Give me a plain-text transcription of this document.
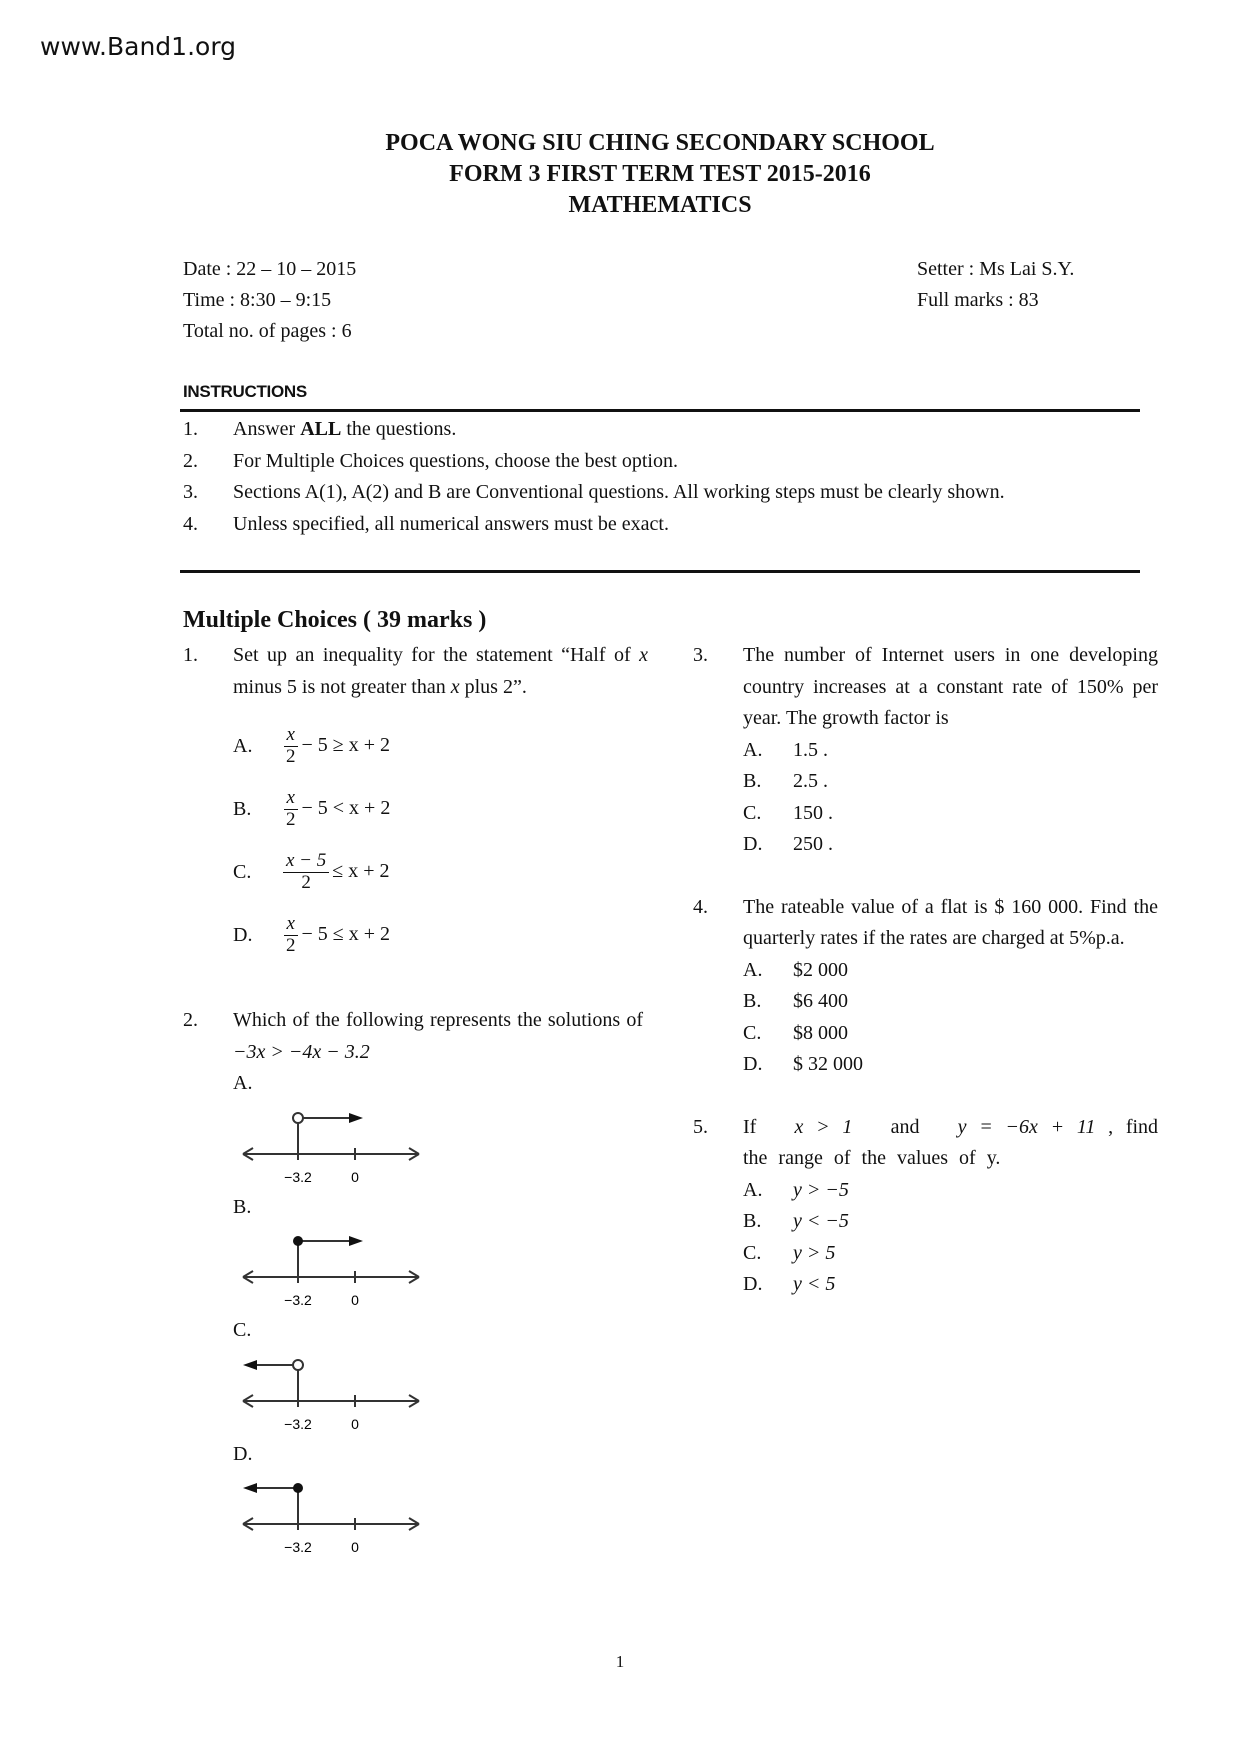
www.Band1.org
POCA WONG SIU CHING SECONDARY SCHOOL
FORM 3 FIRST TERM TEST 2015-2016
MATHEMATICS
Date : 22 – 10 – 2015
Time : 8:30 – 9:15
Total no. of pages : 6
Setter : Ms Lai S.Y.
Full marks : 83
INSTRUCTIONS
1.	Answer ALL the questions.
2.	For Multiple Choices questions, choose the best option.
3.	Sections A(1), A(2) and B are Conventional questions. All working steps must be clearly shown.
4.	Unless specified, all numerical answers must be exact.
Multiple Choices ( 39 marks )
1.	Set up an inequality for the statement “Half of x minus 5 is not greater than x plus 2”.
A.	$\frac{x}{2} - 5 \ge x + 2$
B.	$\frac{x}{2} - 5 < x + 2$
C.	$\frac{x - 5}{2} \le x + 2$
D.	$\frac{x}{2} - 5 \le x + 2$
2.	Which of the following represents the solutions of  −3x > −4x − 3.2
A.
−3.2	0
B.
−3.2	0
C.
−3.2	0
D.
−3.2	0
3.	The number of Internet users in one developing country increases at a constant rate of 150% per year. The growth factor is
A.	1.5 .
B.	2.5 .
C.	150 .
D.	250 .
4.	The rateable value of a flat is $ 160 000. Find the quarterly rates if the rates are charged at 5%p.a.
A.	$2 000
B.	$6 400
C.	$8 000
D.	$ 32 000
5.	If x > 1 and y = −6x + 11 , find the range of the values of y.
A.	y > −5
B.	y < −5
C.	y > 5
D.	y < 5
1
